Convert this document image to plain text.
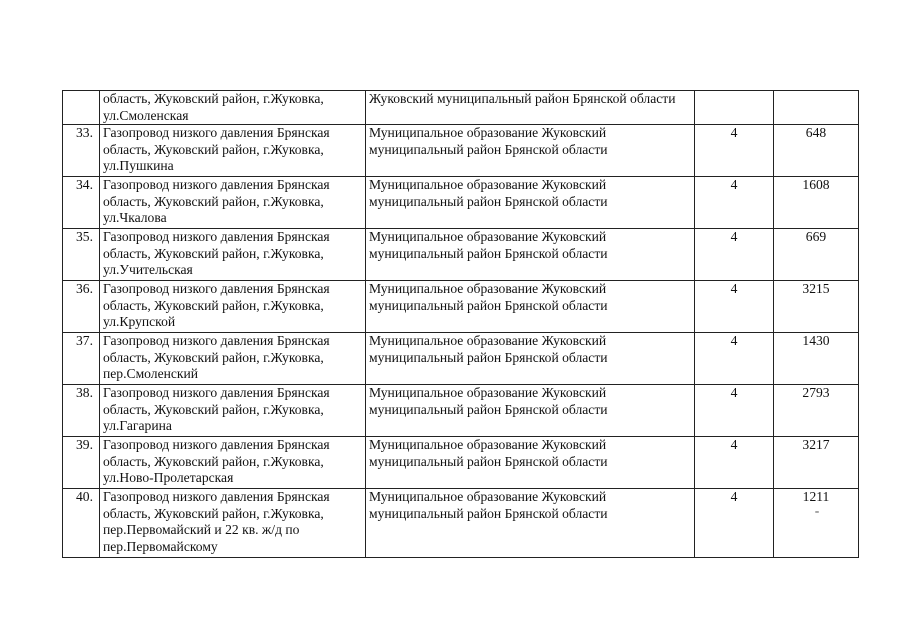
	область, Жуковский район, г.Жуковка, ул.Смоленская	Жуковский муниципальный район Брянской области			
33.	Газопровод низкого давления Брянская область, Жуковский район, г.Жуковка, ул.Пушкина	Муниципальное образование Жуковский муниципальный район Брянской области		4	648
34.	Газопровод низкого давления Брянская область, Жуковский район, г.Жуковка, ул.Чкалова	Муниципальное образование Жуковский муниципальный район Брянской области		4	1608
35.	Газопровод низкого давления Брянская область, Жуковский район, г.Жуковка, ул.Учительская	Муниципальное образование Жуковский муниципальный район Брянской области		4	669
36.	Газопровод низкого давления Брянская область, Жуковский район, г.Жуковка, ул.Крупской	Муниципальное образование Жуковский муниципальный район Брянской области		4	3215
37.	Газопровод низкого давления Брянская область, Жуковский район, г.Жуковка, пер.Смоленский	Муниципальное образование Жуковский муниципальный район Брянской области		4	1430
38.	Газопровод низкого давления Брянская область, Жуковский район, г.Жуковка, ул.Гагарина	Муниципальное образование Жуковский муниципальный район Брянской области		4	2793
39.	Газопровод низкого давления Брянская область, Жуковский район, г.Жуковка, ул.Ново-Пролетарская	Муниципальное образование Жуковский муниципальный район Брянской области		4	3217
40.	Газопровод низкого давления Брянская область, Жуковский район, г.Жуковка, пер.Первомайский и 22 кв. ж/д по пер.Первомайскому	Муниципальное образование Жуковский муниципальный район Брянской области		4	1211
-
